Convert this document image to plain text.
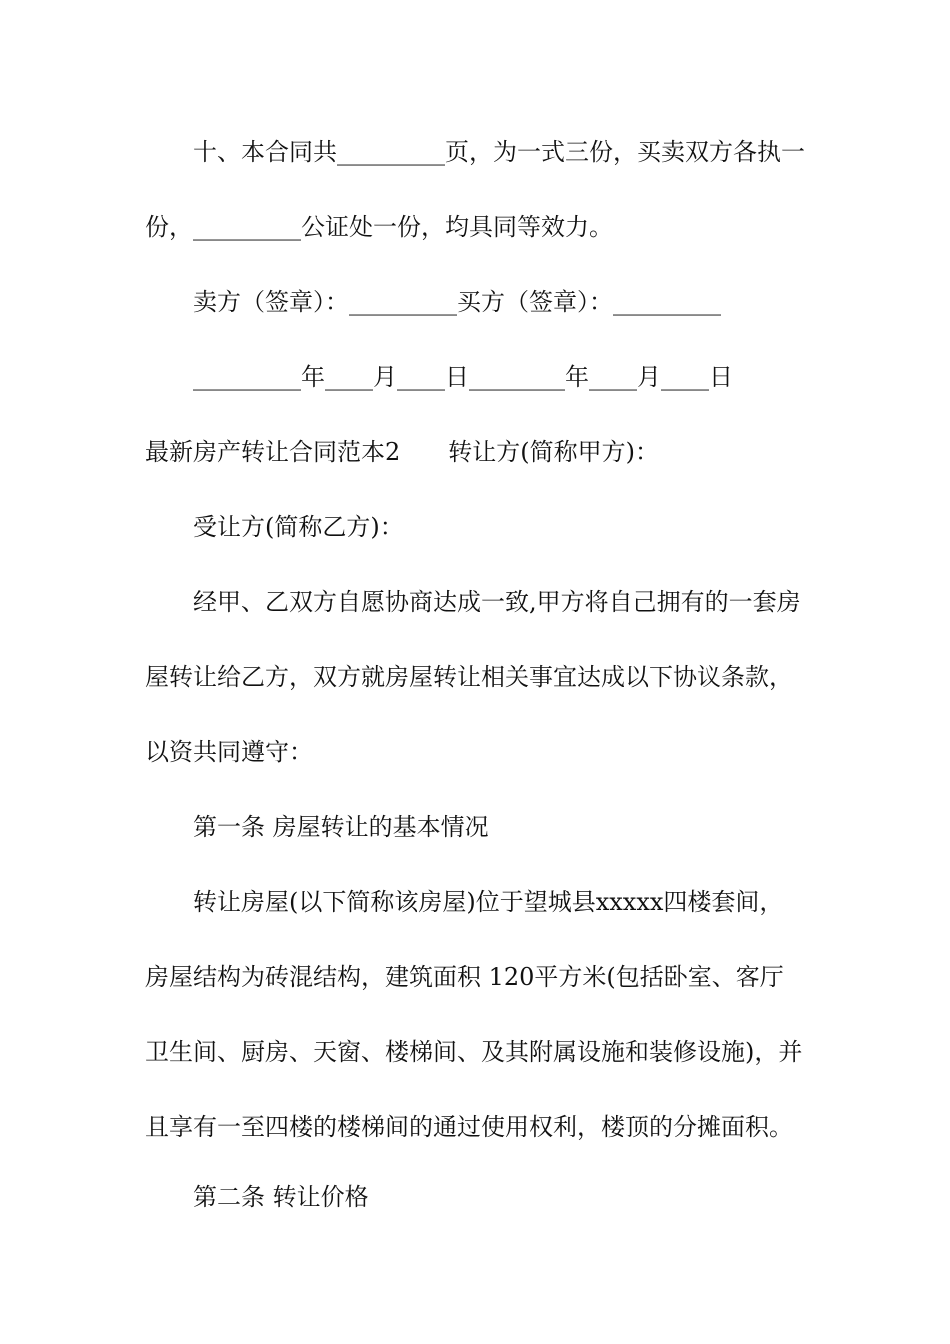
十、本合同共_________页，为一式三份，买卖双方各执一
份，_________公证处一份，均具同等效力。
卖方（签章）：_________买方（签章）：_________
_________年____月____日________年____月____日
最新房产转让合同范本2　　转让方(简称甲方)：
受让方(简称乙方)：
经甲、乙双方自愿协商达成一致,甲方将自己拥有的一套房
屋转让给乙方，双方就房屋转让相关事宜达成以下协议条款，
以资共同遵守：
第一条 房屋转让的基本情况
转让房屋(以下简称该房屋)位于望城县xxxxx四楼套间，
房屋结构为砖混结构，建筑面积 120平方米(包括卧室、客厅
卫生间、厨房、天窗、楼梯间、及其附属设施和装修设施)，并
且享有一至四楼的楼梯间的通过使用权利，楼顶的分摊面积。
第二条 转让价格
